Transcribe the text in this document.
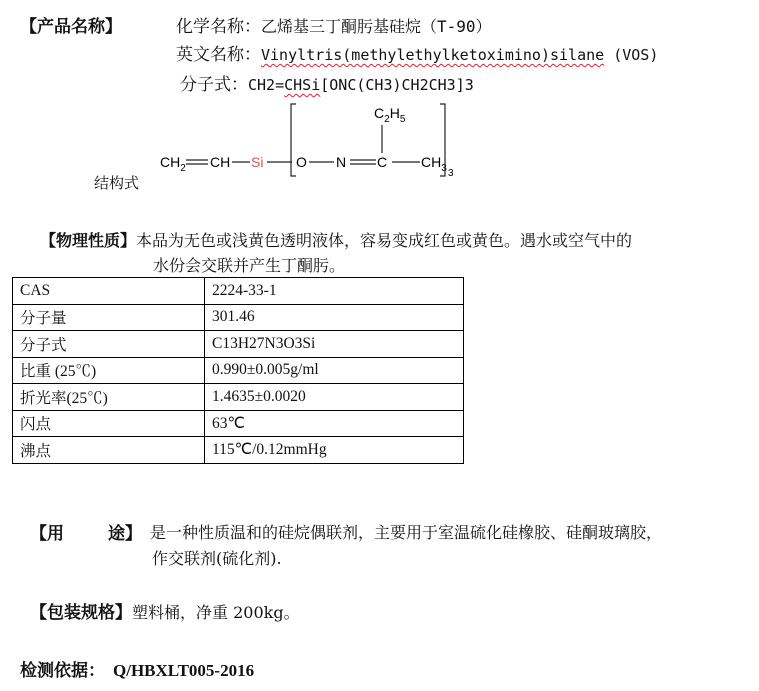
【产品名称】	化学名称：乙烯基三丁酮肟基硅烷（T-90）
英文名称：Vinyltris(methylethylketoximino)silane (VOS)
分子式：CH2=CHSi[ONC(CH3)CH2CH3]3
结构式
$CH_2$ CH Si O N C
$C_2H_5$
$CH_3$ 3
【物理性质】本品为无色或浅黄色透明液体，容易变成红色或黄色。遇水或空气中的
水份会交联并产生丁酮肟。
CAS	2224-33-1
分子量	301.46
分子式	C13H27N3O3Si
比重 (25℃)	0.990±0.005g/ml
折光率(25℃)	1.4635±0.0020
闪点	63℃
沸点	115℃/0.12mmHg
【用	途】 是一种性质温和的硅烷偶联剂，主要用于室温硫化硅橡胶、硅酮玻璃胶，
作交联剂(硫化剂).
【包装规格】塑料桶，净重 200kg。
检测依据： Q/HBXLT005-2016
